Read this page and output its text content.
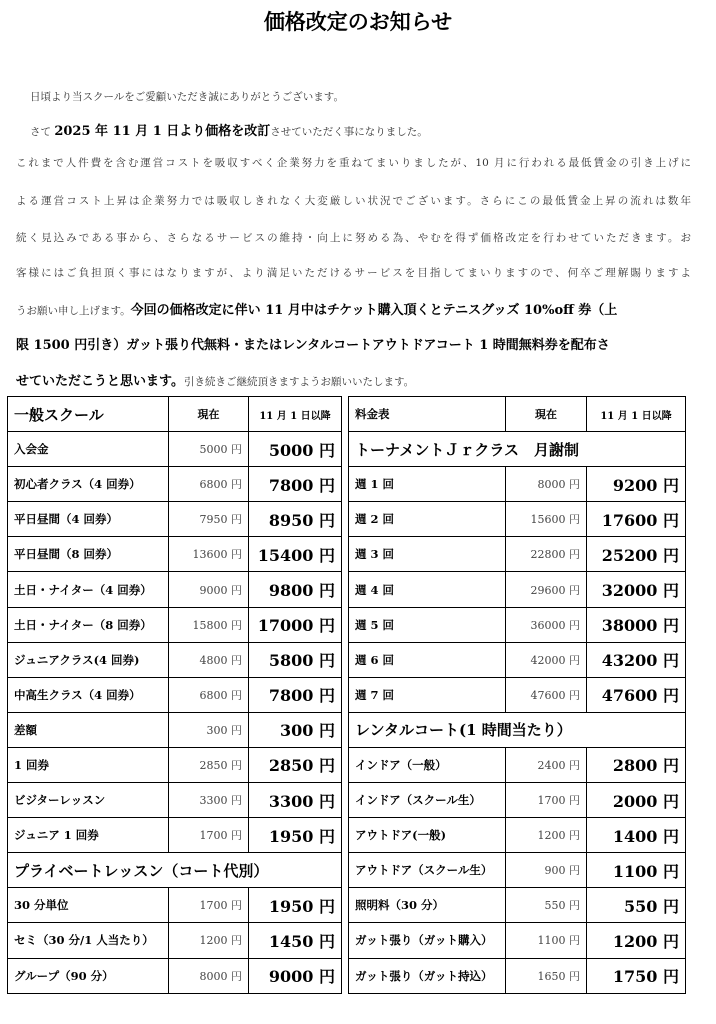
価格改定のお知らせ
日頃より当スクールをご愛顧いただき誠にありがとうございます。
さて 2025 年 11 月 1 日より価格を改訂させていただく事になりました。
これまで人件費を含む運営コストを吸収すべく企業努力を重ねてまいりましたが、10 月に行われる最低賃金の引き上げに
よる運営コスト上昇は企業努力では吸収しきれなく大変厳しい状況でございます。さらにこの最低賃金上昇の流れは数年
続く見込みである事から、さらなるサービスの維持・向上に努める為、やむを得ず価格改定を行わせていただきます。お
客様にはご負担頂く事にはなりますが、より満足いただけるサービスを目指してまいりますので、何卒ご理解賜りますよ
うお願い申し上げます。今回の価格改定に伴い 11 月中はチケット購入頂くとテニスグッズ 10%off 券（上
限 1500 円引き）ガット張り代無料・またはレンタルコートアウトドアコート 1 時間無料券を配布さ
せていただこうと思います。引き続きご継続頂きますようお願いいたします。
一般スクール	現在	11 月 1 日以降
入会金	5000 円	5000 円
初心者クラス（4 回券）	6800 円	7800 円
平日昼間（4 回券）	7950 円	8950 円
平日昼間（8 回券）	13600 円	15400 円
土日・ナイター（4 回券）	9000 円	9800 円
土日・ナイター（8 回券）	15800 円	17000 円
ジュニアクラス(4 回券)	4800 円	5800 円
中高生クラス（4 回券）	6800 円	7800 円
差額	300 円	300 円
1 回券	2850 円	2850 円
ビジターレッスン	3300 円	3300 円
ジュニア 1 回券	1700 円	1950 円
プライベートレッスン（コート代別）		
30 分単位	1700 円	1950 円
セミ（30 分/1 人当たり）	1200 円	1450 円
グループ（90 分）	8000 円	9000 円
料金表	現在	11 月 1 日以降
トーナメントＪｒクラス　月謝制		
週 1 回	8000 円	9200 円
週 2 回	15600 円	17600 円
週 3 回	22800 円	25200 円
週 4 回	29600 円	32000 円
週 5 回	36000 円	38000 円
週 6 回	42000 円	43200 円
週 7 回	47600 円	47600 円
レンタルコート(1 時間当たり）		
インドア（一般）	2400 円	2800 円
インドア（スクール生）	1700 円	2000 円
アウトドア(一般)	1200 円	1400 円
アウトドア（スクール生）	900 円	1100 円
照明料（30 分）	550 円	550 円
ガット張り（ガット購入）	1100 円	1200 円
ガット張り（ガット持込）	1650 円	1750 円
